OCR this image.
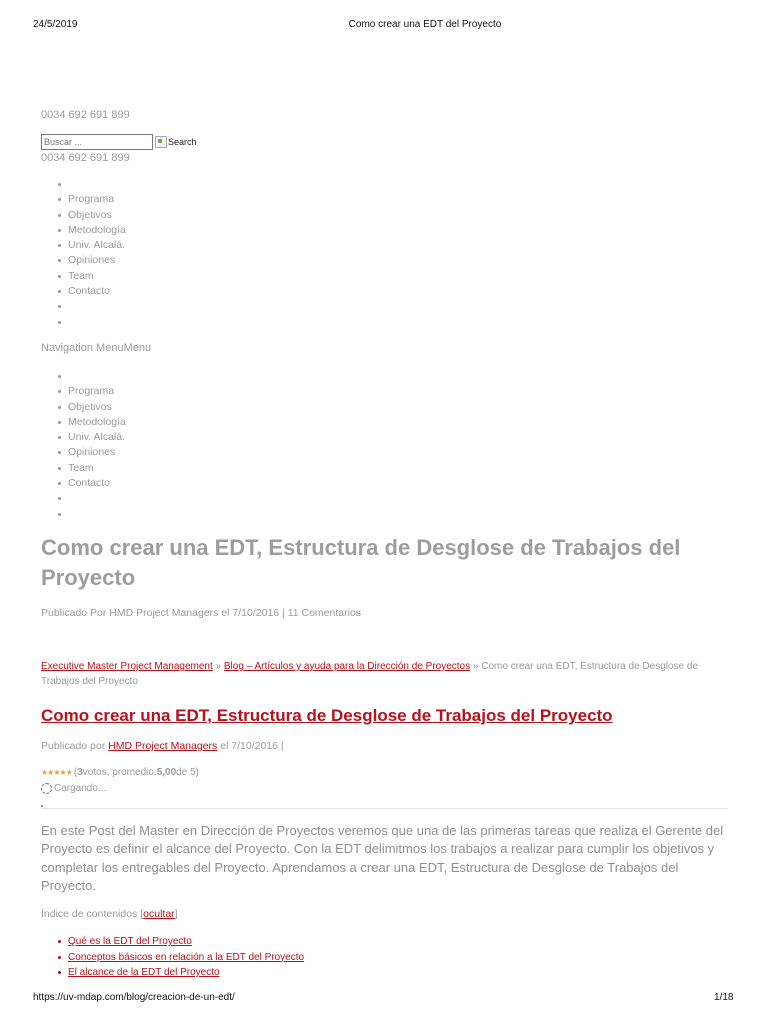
24/5/2019	Como crear una EDT del Proyecto
0034 692 691 899
Buscar ...
Search
0034 692 691 899
Programa
Objetivos
Metodología
Univ. Alcalá.
Opiniones
Team
Contacto
Navigation MenuMenu
Programa
Objetivos
Metodología
Univ. Alcalá.
Opiniones
Team
Contacto
Como crear una EDT, Estructura de Desglose de Trabajos del Proyecto
Publicado Por HMD Project Managers el 7/10/2016 | 11 Comentarios
Executive Master Project Management » Blog – Artículos y ayuda para la Dirección de Proyectos » Como crear una EDT, Estructura de Desglose de Trabajos del Proyecto
Como crear una EDT, Estructura de Desglose de Trabajos del Proyecto
Publicado por HMD Project Managers el 7/10/2016 |
★★★★★ ( 3 votos, promedio: 5,00 de 5)
Cargando...
En este Post del Master en Dirección de Proyectos veremos que una de las primeras tareas que realiza el Gerente del Proyecto es definir el alcance del Proyecto. Con la EDT delimitmos los trabajos a realizar para cumplir los objetivos y completar los entregables del Proyecto. Aprendamos a crear una EDT, Estructura de Desglose de Trabajos del Proyecto.
Índice de contenidos [ocultar]
Qué es la EDT del Proyecto
Conceptos básicos en relación a la EDT del Proyecto
El alcance de la EDT del Proyecto
https://uv-mdap.com/blog/creacion-de-un-edt/	1/18
